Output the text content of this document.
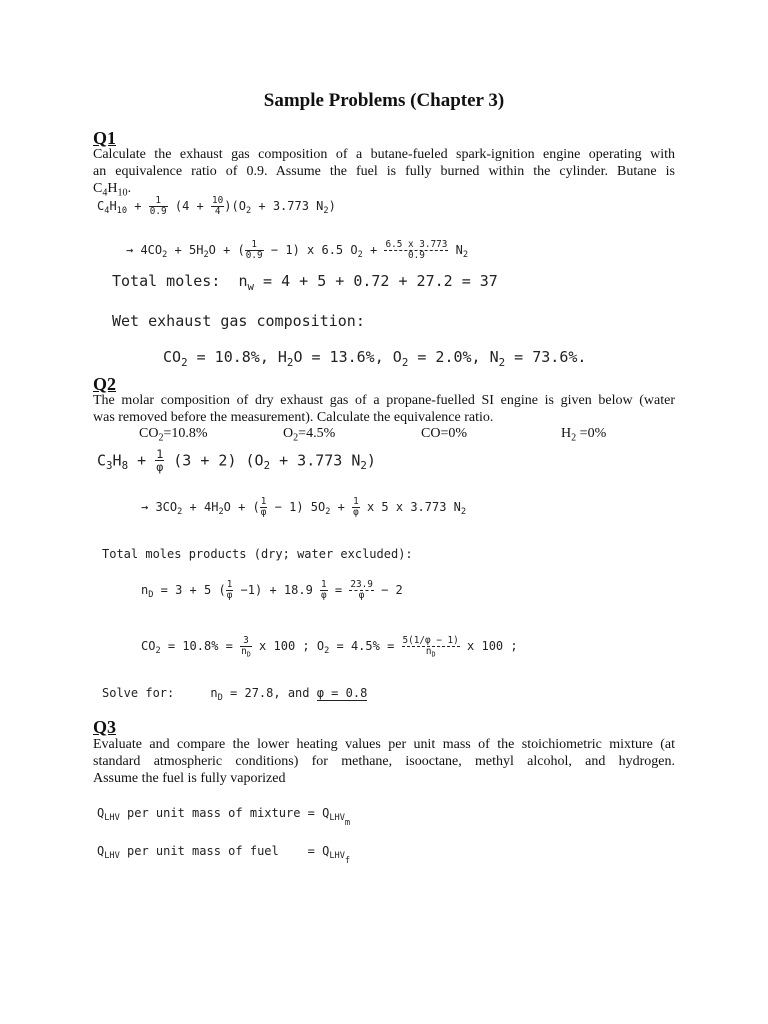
Sample Problems (Chapter 3)
Q1
Calculate the exhaust gas composition of a butane-fueled spark-ignition engine operating with
an equivalence ratio of 0.9. Assume the fuel is fully burned within the cylinder. Butane is
$C_4H_{10}$.
$C_4H_{10} + \frac{1}{0.9} (4 + \frac{10}{4} )(O_2 + 3.773$ $N_2$)
→ $4CO_2 + 5H_2O$ + ( $\frac{1}{0.9} - 1$) x 6.5 $O_2 + \frac{6.5 x 3.773}{0.9} N_2$
Total moles: $n_w = 4 + 5 + 0.72 + 27.2 = 37$
Wet exhaust gas composition:
$CO_2 = 10.8\%$, $H_2O = 13.6\%$, $O_2 = 2.0\%$, $N_2 = 73.6\%$.
Q2
The molar composition of dry exhaust gas of a propane-fuelled SI engine is given below (water
was removed before the measurement). Calculate the equivalence ratio.
$CO_2=10.8\%$	$O_2=4.5\%$	CO=0%	$H_2 =0\%$
$C_3H_8 + \frac{1}{\varphi} (3 + 2) (O_2 + 3.773$ $N_2$)
→ $3CO_2 + 4H_2O$ + ( $\frac{1}{\varphi} - 1$) $5O_2 + \frac{1}{\varphi}$ x 5 x 3.773 $N_2$
Total moles products (dry; water excluded):
$n_D = 3 + 5$ ( $\frac{1}{\varphi} -1) + 18.9 \frac{1}{\varphi} = \frac{23.9}{\varphi} - 2$
$CO_2 = 10.8\% = \frac{3}{n_D}$ x 100 ; $O_2 = 4.5\% = \frac{5(1/\varphi - 1)}{n_D}$ x 100 ;
Solve for:	$n_D = 27.8$, and φ = 0.8
Q3
Evaluate and compare the lower heating values per unit mass of the stoichiometric mixture (at
standard atmospheric conditions) for methane, isooctane, methyl alcohol, and hydrogen.
Assume the fuel is fully vaporized
$Q_{LHV}$ per unit mass of mixture = $Q_{LHVm}$
$Q_{LHV}$ per unit mass of fuel    = $Q_{LHVf}$
